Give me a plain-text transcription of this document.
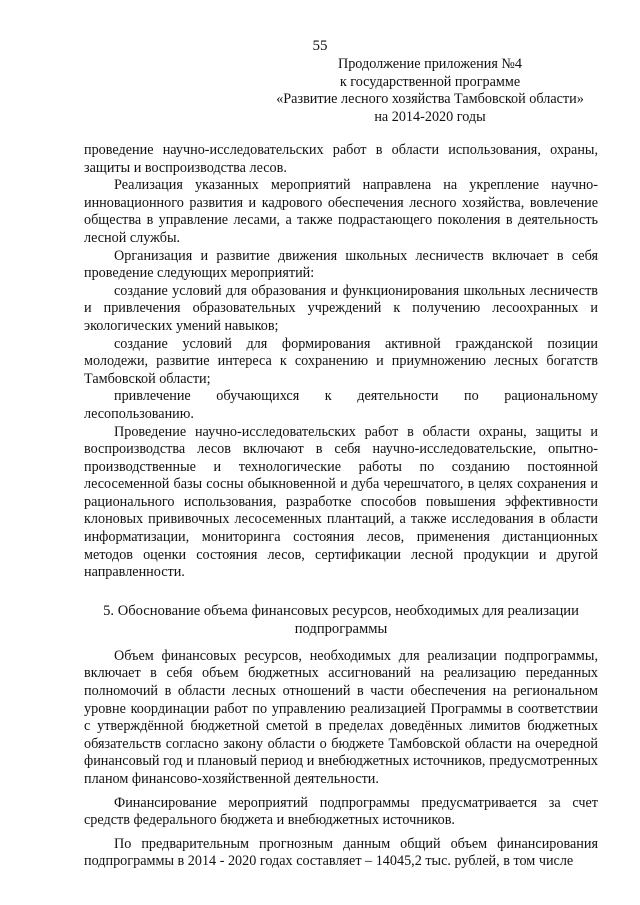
55
Продолжение приложения №4
к государственной программе
«Развитие лесного хозяйства Тамбовской области»
на 2014-2020 годы

проведение научно-исследовательских работ в области использования, охраны, защиты и воспроизводства лесов.

Реализация указанных мероприятий направлена на укрепление научно-инновационного развития и кадрового обеспечения лесного хозяйства, вовлечение общества в управление лесами, а также подрастающего поколения в деятельность лесной службы.

Организация и развитие движения школьных лесничеств включает в себя проведение следующих мероприятий:

создание условий для образования и функционирования школьных лесничеств и привлечения образовательных учреждений к получению лесоохранных и экологических умений навыков;

создание условий для формирования активной гражданской позиции молодежи, развитие интереса к сохранению и приумножению лесных богатств Тамбовской области;

привлечение обучающихся к деятельности по рациональному лесопользованию.

Проведение научно-исследовательских работ в области охраны, защиты и воспроизводства лесов включают в себя научно-исследовательские, опытно-производственные и технологические работы по созданию постоянной лесосеменной базы сосны обыкновенной и дуба черешчатого, в целях сохранения и рационального использования, разработке способов повышения эффективности клоновых прививочных лесосеменных плантаций, а также исследования в области информатизации, мониторинга состояния лесов, применения дистанционных методов оценки состояния лесов, сертификации лесной продукции и другой направленности.

5. Обоснование объема финансовых ресурсов, необходимых для реализации
подпрограммы

Объем финансовых ресурсов, необходимых для реализации подпрограммы, включает в себя объем бюджетных ассигнований на реализацию переданных полномочий в области лесных отношений в части обеспечения на региональном уровне координации работ по управлению реализацией Программы в соответствии с утверждённой бюджетной сметой в пределах доведённых лимитов бюджетных обязательств согласно закону области о бюджете Тамбовской области на очередной финансовый год и плановый период и внебюджетных источников, предусмотренных планом финансово-хозяйственной деятельности.

Финансирование мероприятий подпрограммы предусматривается за счет средств федерального бюджета и внебюджетных источников.

По предварительным прогнозным данным общий объем финансирования подпрограммы в 2014 - 2020 годах составляет – 14045,2 тыс. рублей, в том числе
